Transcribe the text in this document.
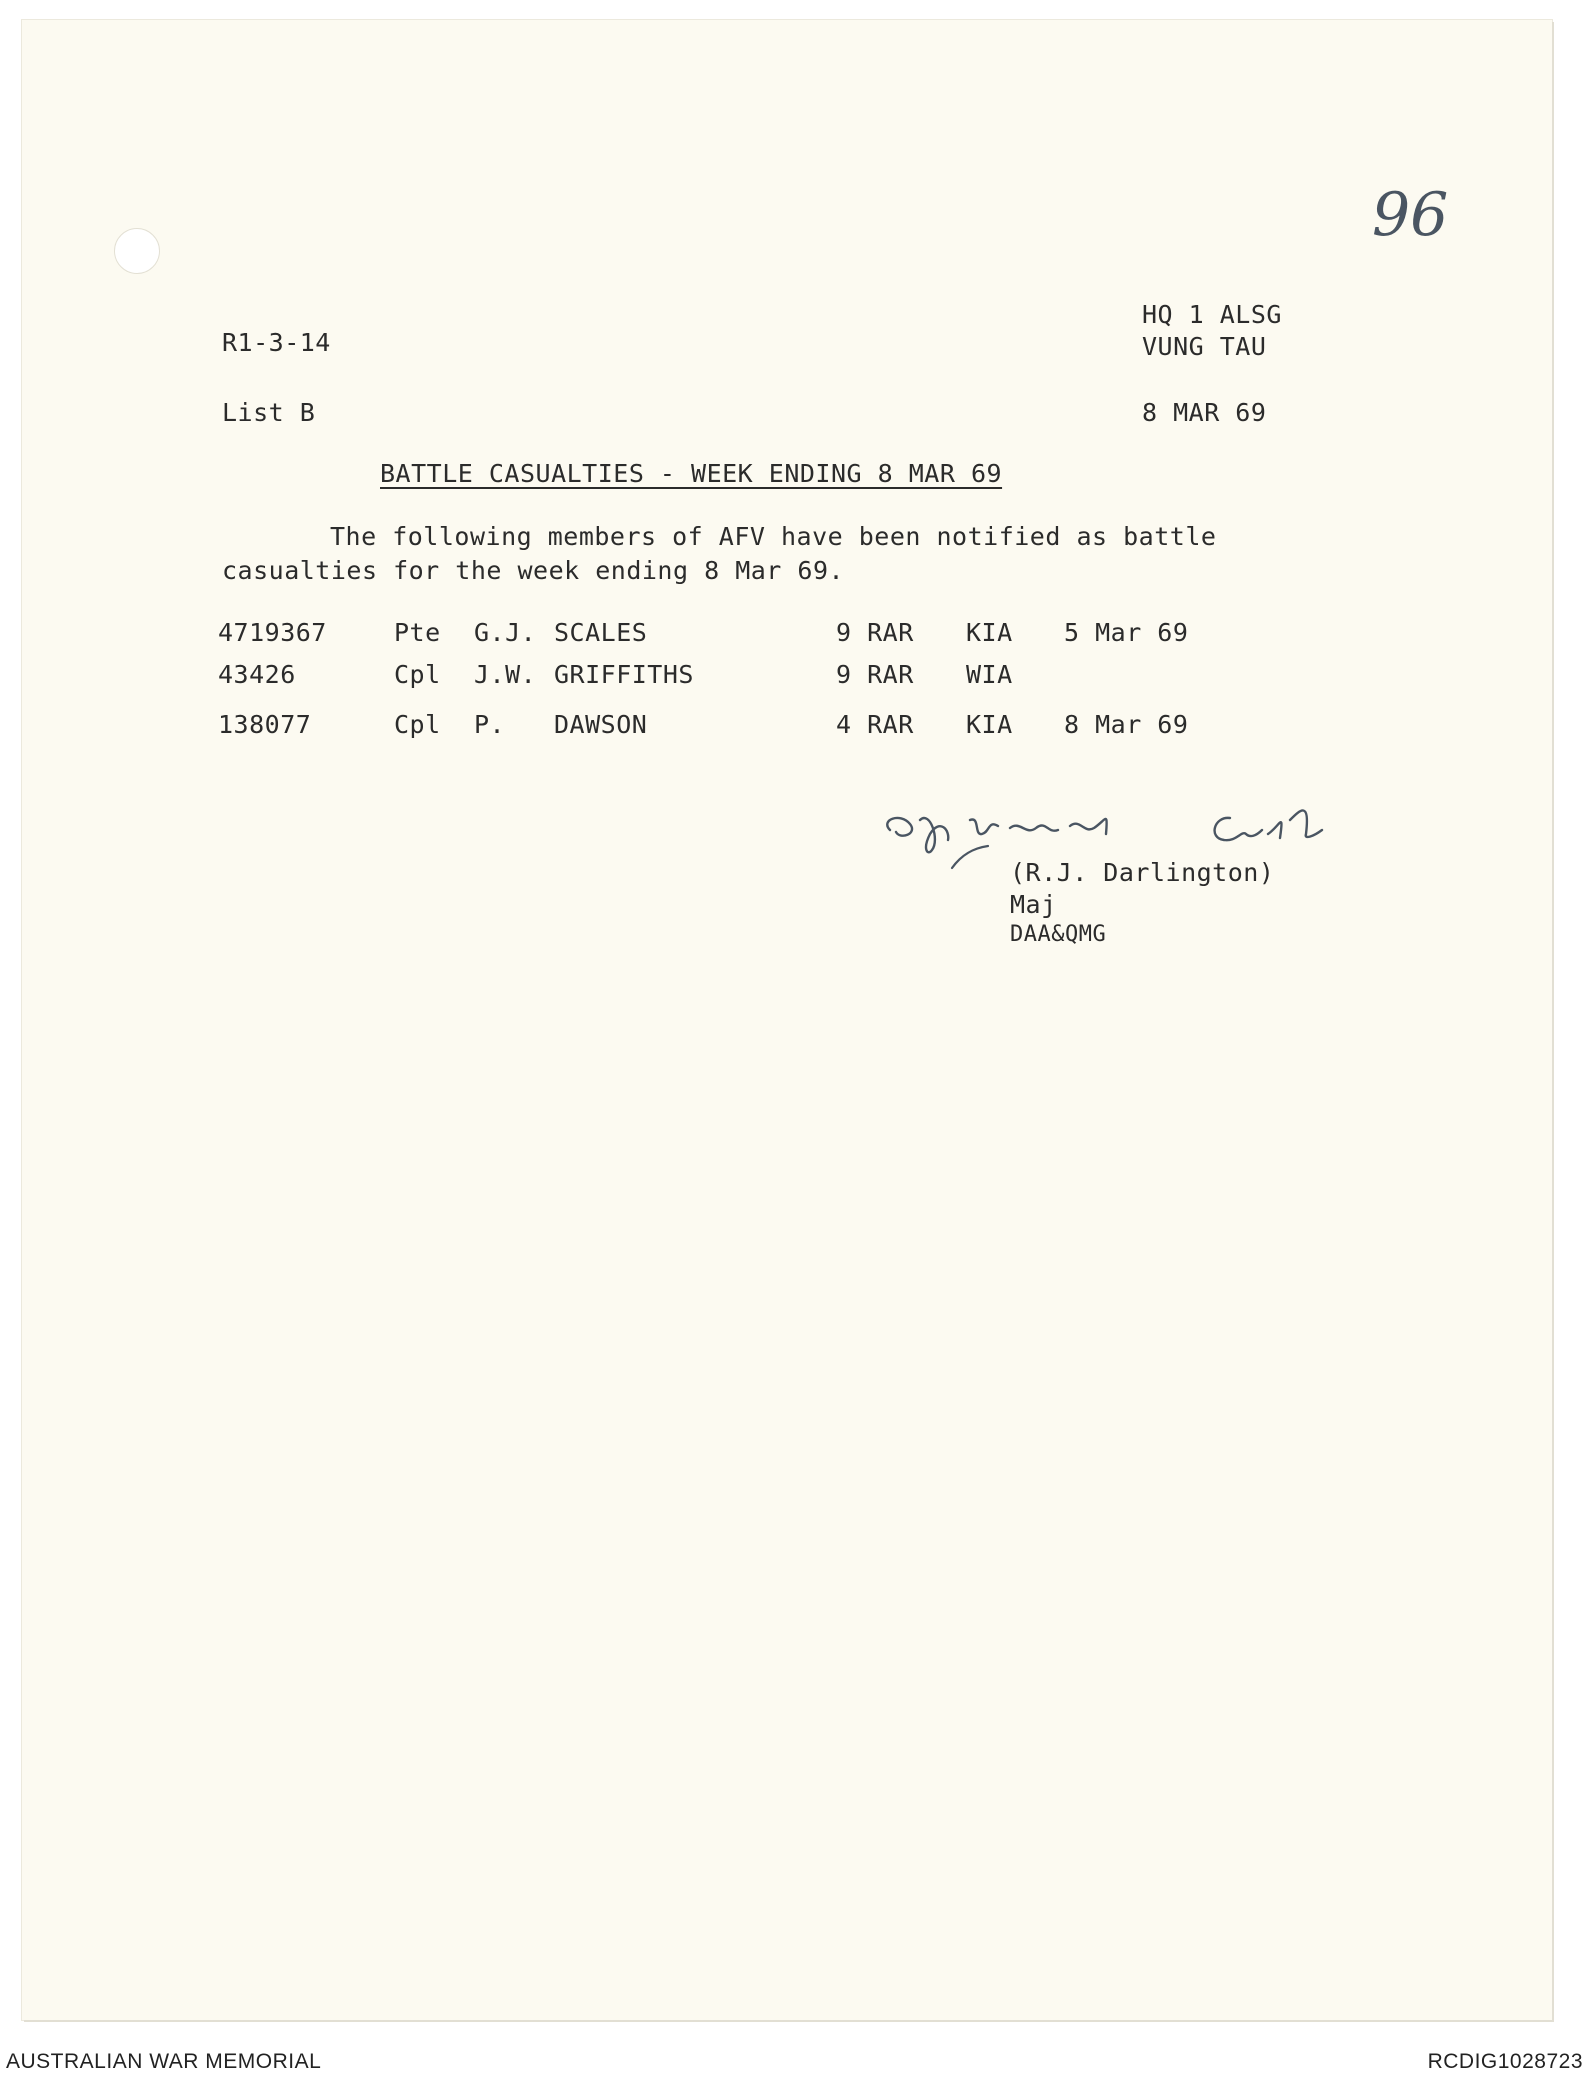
96
R1-3-14
List B
HQ 1 ALSG
VUNG TAU
8 MAR 69
BATTLE CASUALTIES - WEEK ENDING 8 MAR 69
The following members of AFV have been notified as battle
casualties for the week ending 8 Mar 69.
4719367	Pte G.J. SCALES	9 RAR KIA 5 Mar 69
43426	Cpl J.W. GRIFFITHS	9 RAR WIA
138077	Cpl P. DAWSON	4 RAR KIA 8 Mar 69
(R.J. Darlington)
Maj
DAA&QMG
AUSTRALIAN WAR MEMORIAL	RCDIG1028723
